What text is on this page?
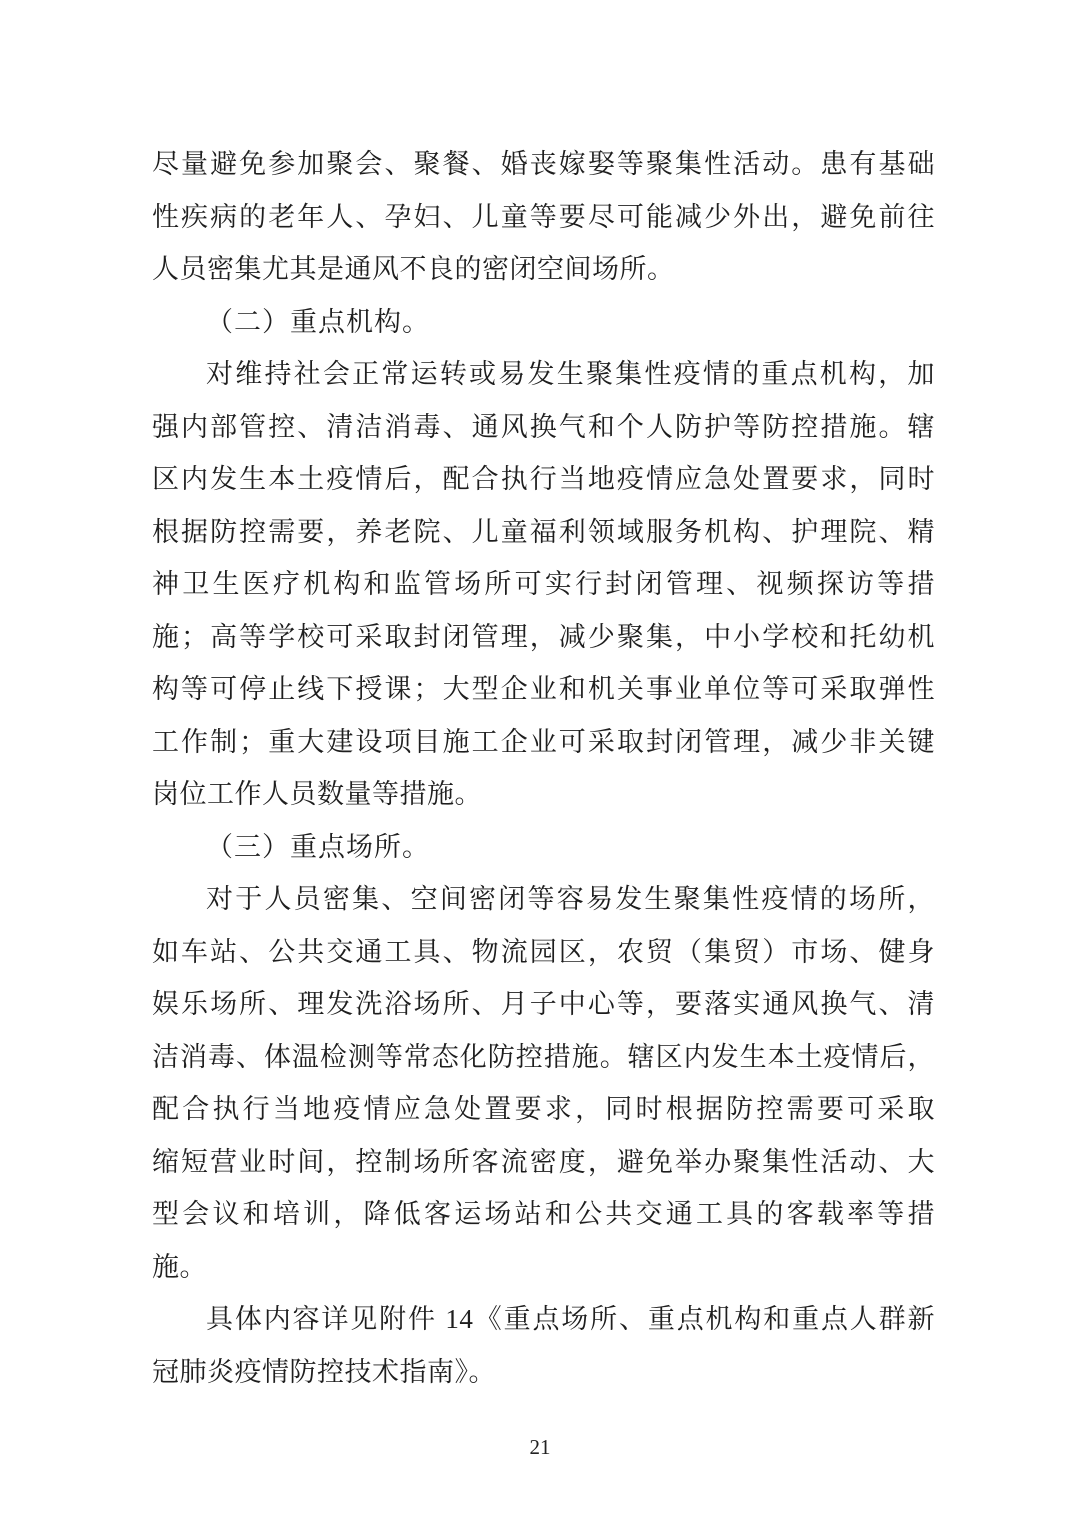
尽量避免参加聚会、聚餐、婚丧嫁娶等聚集性活动。患有基础
性疾病的老年人、孕妇、儿童等要尽可能减少外出，避免前往
人员密集尤其是通风不良的密闭空间场所。
（二）重点机构。
对维持社会正常运转或易发生聚集性疫情的重点机构，加
强内部管控、清洁消毒、通风换气和个人防护等防控措施。辖
区内发生本土疫情后，配合执行当地疫情应急处置要求，同时
根据防控需要，养老院、儿童福利领域服务机构、护理院、精
神卫生医疗机构和监管场所可实行封闭管理、视频探访等措
施；高等学校可采取封闭管理，减少聚集，中小学校和托幼机
构等可停止线下授课；大型企业和机关事业单位等可采取弹性
工作制；重大建设项目施工企业可采取封闭管理，减少非关键
岗位工作人员数量等措施。
（三）重点场所。
对于人员密集、空间密闭等容易发生聚集性疫情的场所，
如车站、公共交通工具、物流园区，农贸（集贸）市场、健身
娱乐场所、理发洗浴场所、月子中心等，要落实通风换气、清
洁消毒、体温检测等常态化防控措施。辖区内发生本土疫情后，
配合执行当地疫情应急处置要求，同时根据防控需要可采取
缩短营业时间，控制场所客流密度，避免举办聚集性活动、大
型会议和培训，降低客运场站和公共交通工具的客载率等措
施。
具体内容详见附件 14《重点场所、重点机构和重点人群新
冠肺炎疫情防控技术指南》。
21
